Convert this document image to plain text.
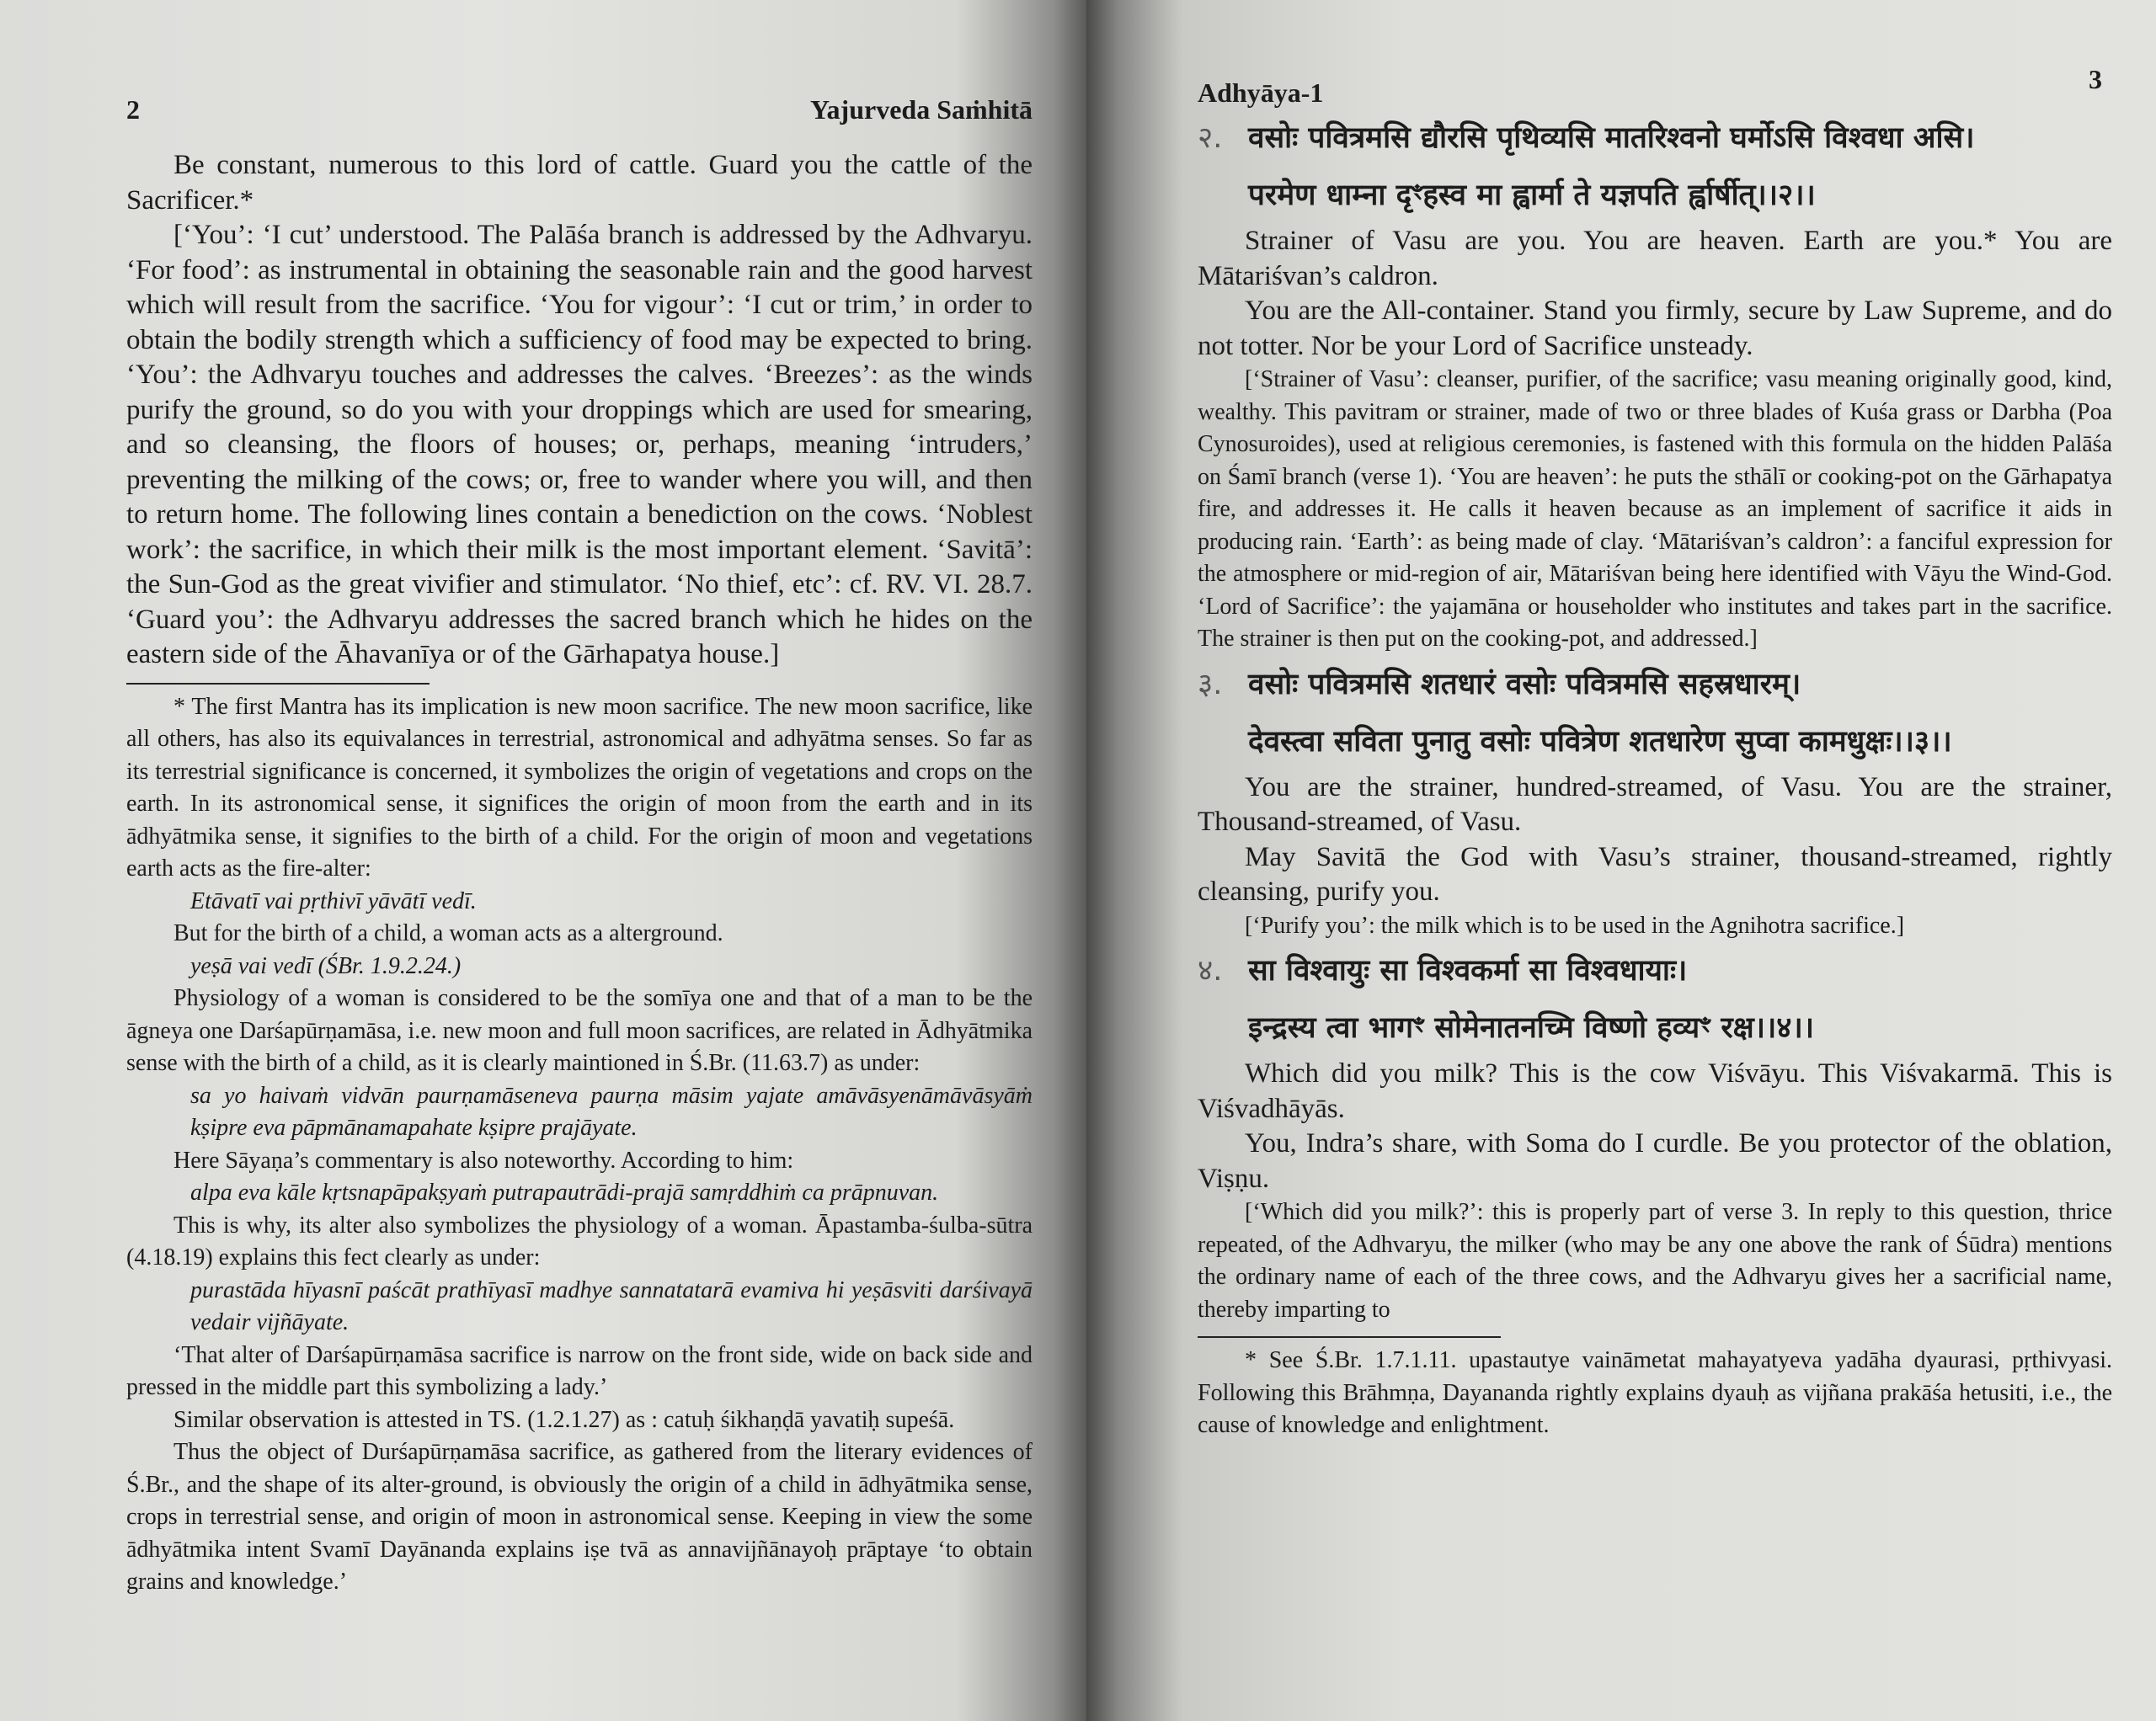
2	Yajurveda Saṁhitā

Be constant, numerous to this lord of cattle. Guard you the cattle of the Sacrificer.*

[‘You’: ‘I cut’ understood. The Palāśa branch is addressed by the Adhvaryu. ‘For food’: as instrumental in obtaining the seasonable rain and the good harvest which will result from the sacrifice. ‘You for vigour’: ‘I cut or trim,’ in order to obtain the bodily strength which a sufficiency of food may be expected to bring. ‘You’: the Adhvaryu touches and addresses the calves. ‘Breezes’: as the winds purify the ground, so do you with your droppings which are used for smearing, and so cleansing, the floors of houses; or, perhaps, meaning ‘intruders,’ preventing the milking of the cows; or, free to wander where you will, and then to return home. The following lines contain a benediction on the cows. ‘Noblest work’: the sacrifice, in which their milk is the most important element. ‘Savitā’: the Sun-God as the great vivifier and stimulator. ‘No thief, etc’: cf. RV. VI. 28.7. ‘Guard you’: the Adhvaryu addresses the sacred branch which he hides on the eastern side of the Āhavanīya or of the Gārhapatya house.]

* The first Mantra has its implication is new moon sacrifice. The new moon sacrifice, like all others, has also its equivalances in terrestrial, astronomical and adhyātma senses. So far as its terrestrial significance is concerned, it symbolizes the origin of vegetations and crops on the earth. In its astronomical sense, it significes the origin of moon from the earth and in its ādhyātmika sense, it signifies to the birth of a child. For the origin of moon and vegetations earth acts as the fire-alter:

Etāvatī vai pṛthivī yāvātī vedī.

But for the birth of a child, a woman acts as a alterground.

yeṣā vai vedī (ŚBr. 1.9.2.24.)

Physiology of a woman is considered to be the somīya one and that of a man to be the āgneya one Darśapūrṇamāsa, i.e. new moon and full moon sacrifices, are related in Ādhyātmika sense with the birth of a child, as it is clearly maintioned in Ś.Br. (11.63.7) as under:

sa yo haivaṁ vidvān paurṇamāseneva paurṇa māsim yajate amāvāsyenāmāvāsyāṁ kṣipre eva pāpmānamapahate kṣipre prajāyate.

Here Sāyaṇa’s commentary is also noteworthy. According to him:

alpa eva kāle kṛtsnapāpakṣyaṁ putrapautrādi-prajā samṛddhiṁ ca prāpnuvan.

This is why, its alter also symbolizes the physiology of a woman. Āpastamba-śulba-sūtra (4.18.19) explains this fect clearly as under:

purastāda hīyasnī paścāt prathīyasī madhye sannatatarā evamiva hi yeṣāsviti darśivayā vedair vijñāyate.

‘That alter of Darśapūrṇamāsa sacrifice is narrow on the front side, wide on back side and pressed in the middle part this symbolizing a lady.’

Similar observation is attested in TS. (1.2.1.27) as : catuḥ śikhaṇḍā yavatiḥ supeśā.

Thus the object of Durśapūrṇamāsa sacrifice, as gathered from the literary evidences of Ś.Br., and the shape of its alter-ground, is obviously the origin of a child in ādhyātmika sense, crops in terrestrial sense, and origin of moon in astronomical sense. Keeping in view the some ādhyātmika intent Svamī Dayānanda explains iṣe tvā as annavijñānayoḥ prāptaye ‘to obtain grains and knowledge.’

Adhyāya-1	3

२. वसोः पवित्रमसि द्यौरसि पृथिव्यसि मातरिश्वनो घर्मोऽसि विश्वधा असि।

परमेण धाम्ना दृꣳहस्व मा ह्वार्मा ते यज्ञपति र्ह्वार्षीत्।।२।।

Strainer of Vasu are you. You are heaven. Earth are you.* You are Mātariśvan’s caldron.

You are the All-container. Stand you firmly, secure by Law Supreme, and do not totter. Nor be your Lord of Sacrifice unsteady.

[‘Strainer of Vasu’: cleanser, purifier, of the sacrifice; vasu meaning originally good, kind, wealthy. This pavitram or strainer, made of two or three blades of Kuśa grass or Darbha (Poa Cynosuroides), used at religious ceremonies, is fastened with this formula on the hidden Palāśa on Śamī branch (verse 1). ‘You are heaven’: he puts the sthālī or cooking-pot on the Gārhapatya fire, and addresses it. He calls it heaven because as an implement of sacrifice it aids in producing rain. ‘Earth’: as being made of clay. ‘Mātariśvan’s caldron’: a fanciful expression for the atmosphere or mid-region of air, Mātariśvan being here identified with Vāyu the Wind-God. ‘Lord of Sacrifice’: the yajamāna or householder who institutes and takes part in the sacrifice. The strainer is then put on the cooking-pot, and addressed.]

३. वसोः पवित्रमसि शतधारं वसोः पवित्रमसि सहस्रधारम्।

देवस्त्वा सविता पुनातु वसोः पवित्रेण शतधारेण सुप्वा कामधुक्षः।।३।।

You are the strainer, hundred-streamed, of Vasu. You are the strainer, Thousand-streamed, of Vasu.

May Savitā the God with Vasu’s strainer, thousand-streamed, rightly cleansing, purify you.

[‘Purify you’: the milk which is to be used in the Agnihotra sacrifice.]

४. सा विश्वायुः सा विश्वकर्मा सा विश्वधायाः।

इन्द्रस्य त्वा भागꣳ सोमेनातनच्मि विष्णो हव्यꣳ रक्ष।।४।।

Which did you milk? This is the cow Viśvāyu. This Viśvakarmā. This is Viśvadhāyās.

You, Indra’s share, with Soma do I curdle. Be you protector of the oblation, Viṣṇu.

[‘Which did you milk?’: this is properly part of verse 3. In reply to this question, thrice repeated, of the Adhvaryu, the milker (who may be any one above the rank of Śūdra) mentions the ordinary name of each of the three cows, and the Adhvaryu gives her a sacrificial name, thereby imparting to

* See Ś.Br. 1.7.1.11. upastautye vaināmetat mahayatyeva yadāha dyaurasi, pṛthivyasi. Following this Brāhmṇa, Dayananda rightly explains dyauḥ as vijñana prakāśa hetusiti, i.e., the cause of knowledge and enlightment.
